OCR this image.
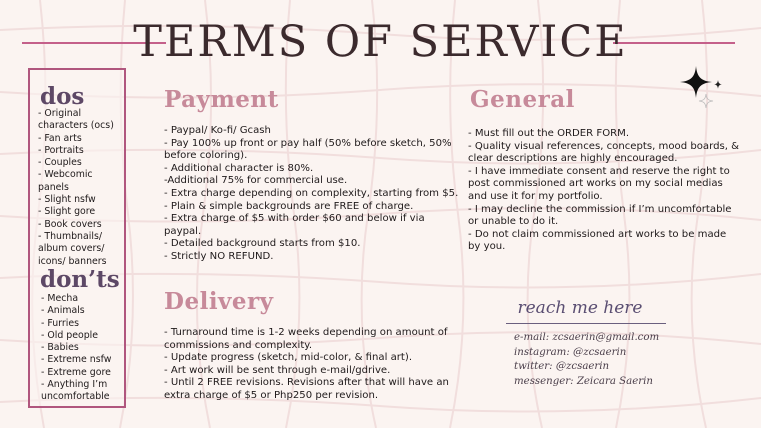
TERMS OF SERVICE
dos
- Original characters (ocs)
- Fan arts
- Portraits
- Couples
- Webcomic panels
- Slight nsfw
- Slight gore
- Book covers
- Thumbnails/ album covers/ icons/ banners
don’ts
- Mecha
- Animals
- Furries
- Old people
- Babies
- Extreme nsfw
- Extreme gore
- Anything I’m uncomfortable
Payment
- Paypal/ Ko-fi/ Gcash
- Pay 100% up front or pay half (50% before sketch, 50% before coloring).
- Additional character is 80%.
-Additional 75% for commercial use.
- Extra charge depending on complexity, starting from $5.
- Plain & simple backgrounds are FREE of charge.
- Extra charge of $5 with order $60 and below if via paypal.
- Detailed background starts from $10.
- Strictly NO REFUND.
General
- Must fill out the ORDER FORM.
- Quality visual references, concepts, mood boards, & clear descriptions are highly encouraged.
- I have immediate consent and reserve the right to post commissioned art works on my social medias and use it for my portfolio.
- I may decline the commission if I’m uncomfortable or unable to do it.
- Do not claim commissioned art works to be made by you.
Delivery
- Turnaround time is 1-2 weeks depending on amount of commissions and complexity.
- Update progress (sketch, mid-color, & final art).
- Art work will be sent through e-mail/gdrive.
- Until 2 FREE revisions. Revisions after that will have an extra charge of $5 or Php250 per revision.
reach me here
e-mail: zcsaerin@gmail.com
instagram: @zcsaerin
twitter: @zcsaerin
messenger: Zeicara Saerin
